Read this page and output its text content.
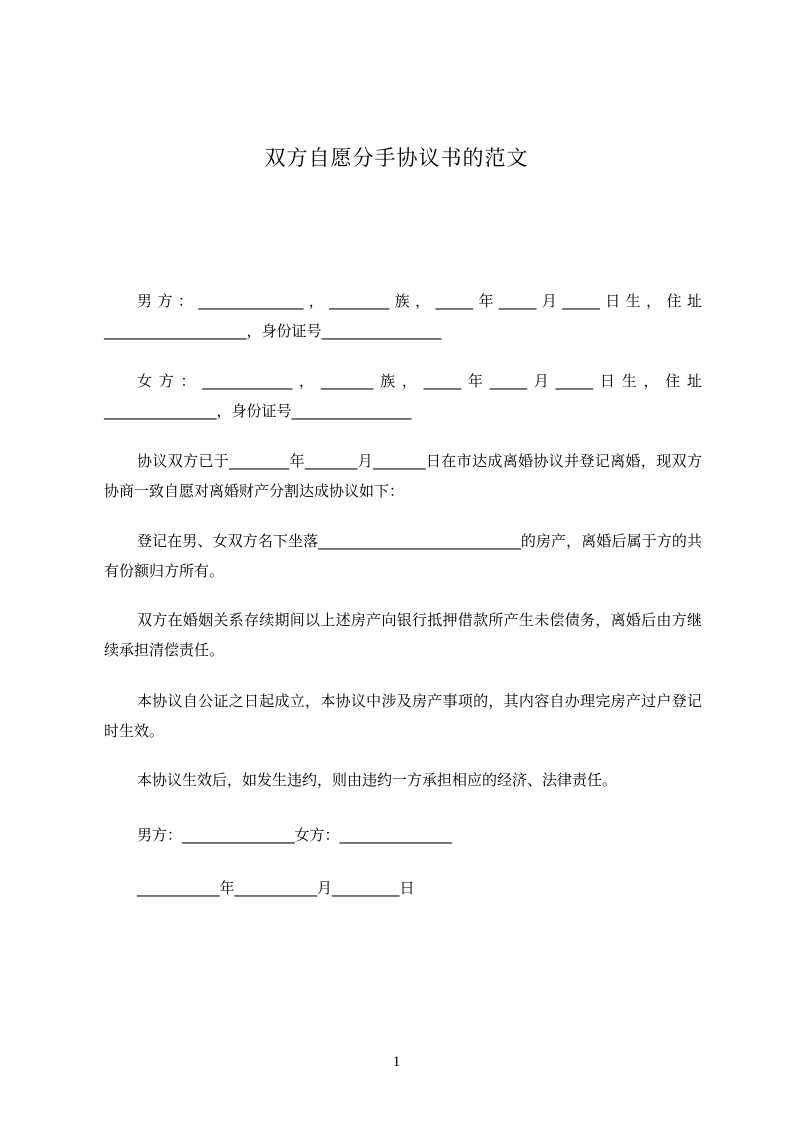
双方自愿分手协议书的范文
男方：______________，________族，_____年_____月_____日生，住址___________________，身份证号________________
女方：____________，_______族，_____年_____月_____日生，住址_______________，身份证号________________
协议双方已于________年_______月_______日在市达成离婚协议并登记离婚，现双方协商一致自愿对离婚财产分割达成协议如下：
登记在男、女双方名下坐落___________________________的房产，离婚后属于方的共有份额归方所有。
双方在婚姻关系存续期间以上述房产向银行抵押借款所产生未偿债务，离婚后由方继续承担清偿责任。
本协议自公证之日起成立，本协议中涉及房产事项的，其内容自办理完房产过户登记时生效。
本协议生效后，如发生违约，则由违约一方承担相应的经济、法律责任。
男方：_______________女方：_______________
___________年___________月_________日
1
